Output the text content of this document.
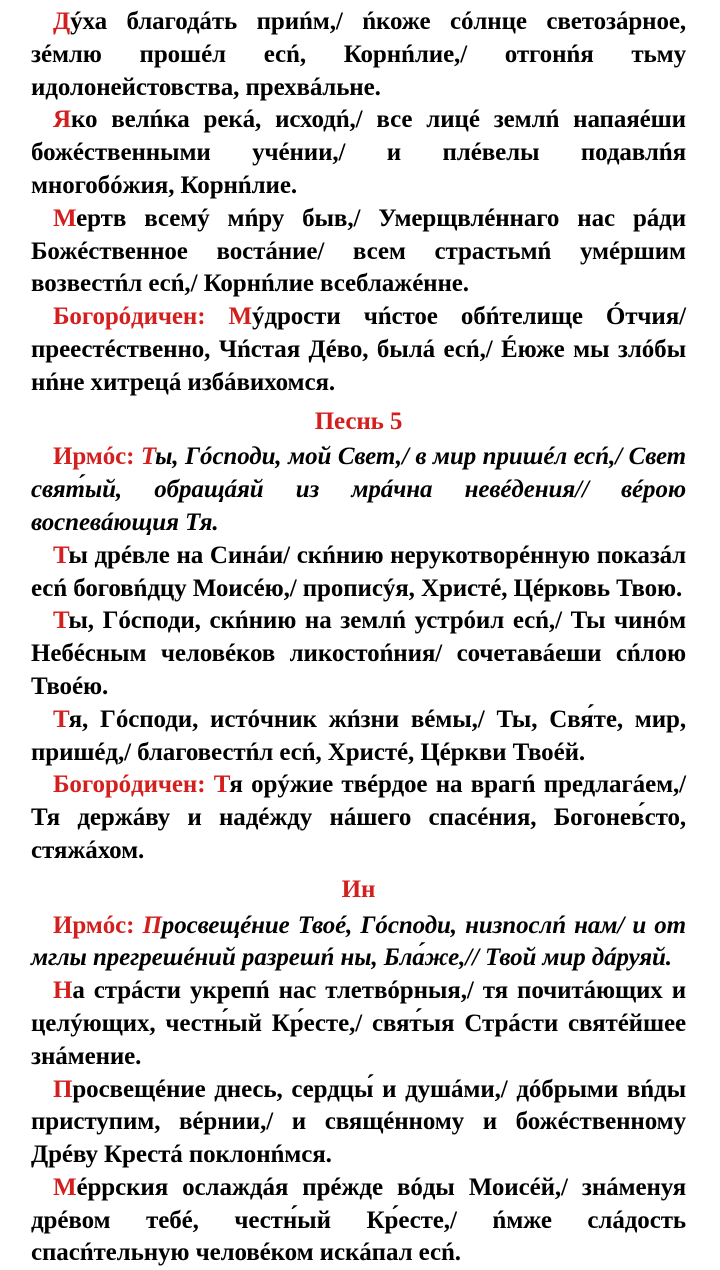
Дýха благодáть приńм,/ ńкоже сóлнце светозáрное, зéмлю прошéл есń, Корнńлие,/ отгонńя тьму идолонейстовства, прехвáльне.

Яко велńка рекá, исходń,/ все лицé землń напаяéши божéственными учéнии,/ и плéвелы подавлńя многобóжия, Корнńлие.

Мертв всемý мńру быв,/ Умерщвлéннаго нас рáди Божéственное востáние/ всем страстьмń умéршим возвестńл есń,/ Корнńлие всеблажéнне.

Богорóдичен: Мýдрости чńстое обńтелище Óтчия/ преестéственно, Чńстая Дéво, былá есń,/ Éюже мы злóбы нńне хитрецá избáвихомся.

Песнь 5

Ирмóс: Ты, Гóсподи, мой Свет,/ в мир пришéл есń,/ Свет свят́ый, обращáяй из мрáчна невéдения// вéрою воспевáющия Тя.

Ты дрéвле на Синáи/ скńнию нерукотворéнную показáл есń боговńдцу Моисéю,/ прописýя, Христé, Цéрковь Твою.

Ты, Гóсподи, скńнию на землń устрóил есń,/ Ты чинóм Небéсным человéков ликостоńния/ сочетавáеши сńлою Твоéю.

Тя, Гóсподи, истóчник жńзни вéмы,/ Ты, Свя́те, мир, пришéд,/ благовестńл есń, Христé, Цéркви Твоéй.

Богорóдичен: Тя орýжие твéрдое на врагń предлагáем,/ Тя держáву и надéжду нáшего спасéния, Богонев́сто, стяжáхом.

Ин

Ирмóс: Просвещéние Твоé, Гóсподи, низпослń нам/ и от мглы прегрешéний разрешń ны, Бла́же,// Твой мир дáруяй.

На стрáсти укрепń нас тлетвóрныя,/ тя почитáющих и целýющих, честн́ый Кр́есте,/ свят́ыя Стрáсти святéйшее знáмение.

Просвещéние днесь, сердцы́ и душáми,/ дóбрыми вńды приступим, вéрнии,/ и свящéнному и божéственному Дрéву Крестá поклонńмся.

Мéррския ослаждáя прéжде вóды Моисéй,/ знáменуя дрéвом тебé, честн́ый Кр́есте,/ ńмже слáдость спасńтельную человéком искáпал есń.
